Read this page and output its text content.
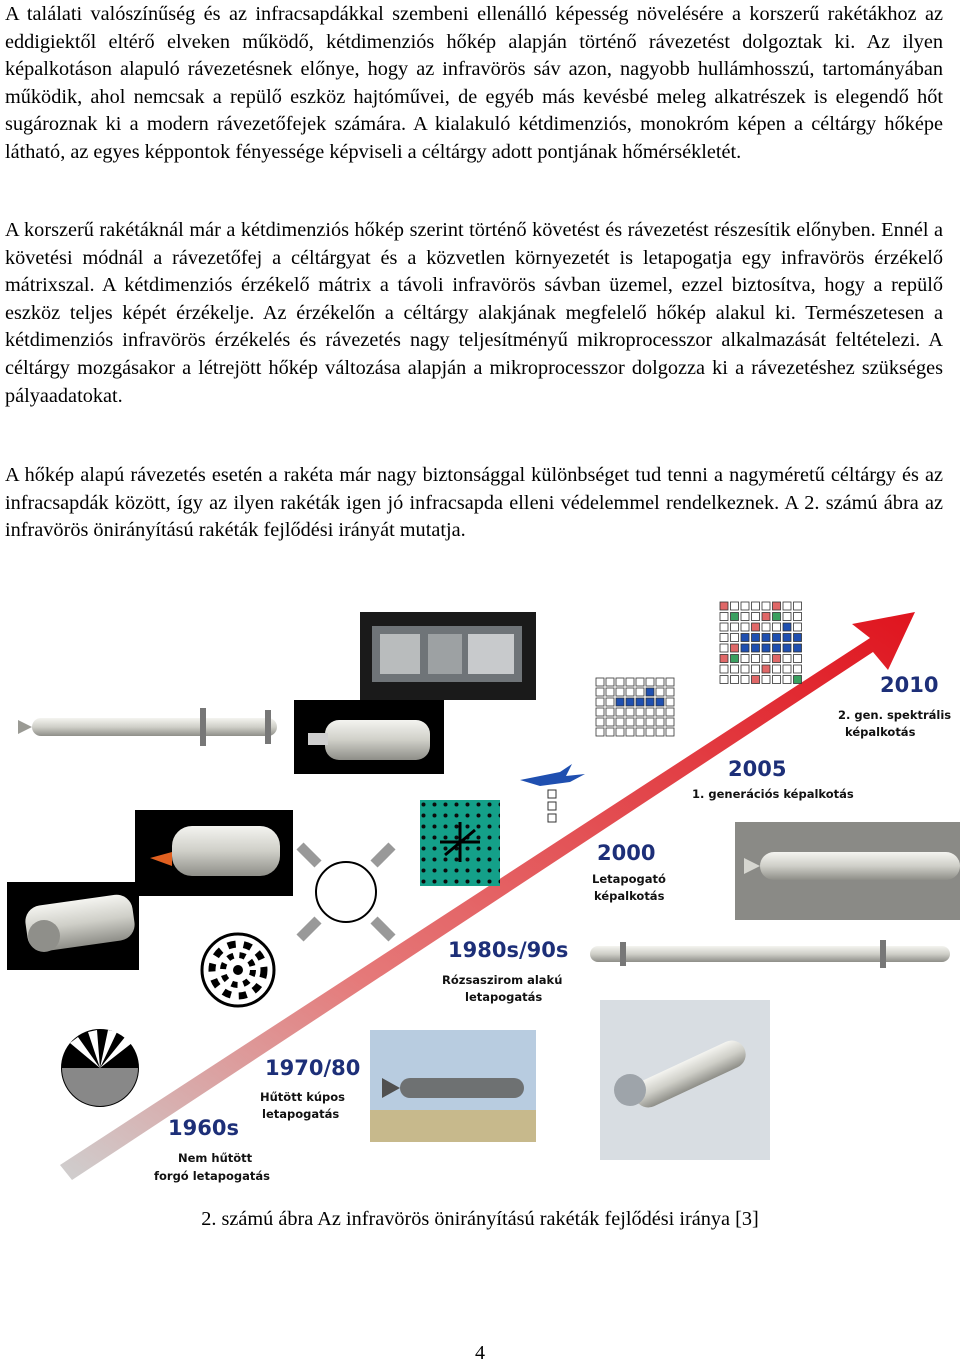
A találati valószínűség és az infracsapdákkal szembeni ellenálló képesség növelésére a korszerű rakétákhoz az eddigiektől eltérő elveken működő, kétdimenziós hőkép alapján történő rávezetést dolgoztak ki. Az ilyen képalkotáson alapuló rávezetésnek előnye, hogy az infravörös sáv azon, nagyobb hullámhosszú, tartományában működik, ahol nemcsak a repülő eszköz hajtóművei, de egyéb más kevésbé meleg alkatrészek is elegendő hőt sugároznak ki a modern rávezetőfejek számára. A kialakuló kétdimenziós, monokróm képen a céltárgy hőképe látható, az egyes képpontok fényessége képviseli a céltárgy adott pontjának hőmérsékletét.

A korszerű rakétáknál már a kétdimenziós hőkép szerint történő követést és rávezetést részesítik előnyben. Ennél a követési módnál a rávezetőfej a céltárgyat és a közvetlen környezetét is letapogatja egy infravörös érzékelő mátrixszal. A kétdimenziós érzékelő mátrix a távoli infravörös sávban üzemel, ezzel biztosítva, hogy a repülő eszköz teljes képét érzékelje. Az érzékelőn a céltárgy alakjának megfelelő hőkép alakul ki. Természetesen a kétdimenziós infravörös érzékelés és rávezetés nagy teljesítményű mikroprocesszor alkalmazását feltételezi. A céltárgy mozgásakor a létrejött hőkép változása alapján a mikroprocesszor dolgozza ki a rávezetéshez szükséges pályaadatokat.

A hőkép alapú rávezetés esetén a rakéta már nagy biztonsággal különbséget tud tenni a nagyméretű céltárgy és az infracsapdák között, így az ilyen rakéták igen jó infracsapda elleni védelemmel rendelkeznek. A 2. számú ábra az infravörös önirányítású rakéták fejlődési irányát mutatja.

1960s
Nem hűtött
forgó letapogatás
1970/80
Hűtött kúpos
letapogatás
1980s/90s
Rózsaszirom alakú
letapogatás
2000
Letapogató
képalkotás
2005
1. generációs képalkotás
2010
2. gen. spektrális
képalkotás

2. számú ábra Az infravörös önirányítású rakéták fejlődési iránya [3]

4
